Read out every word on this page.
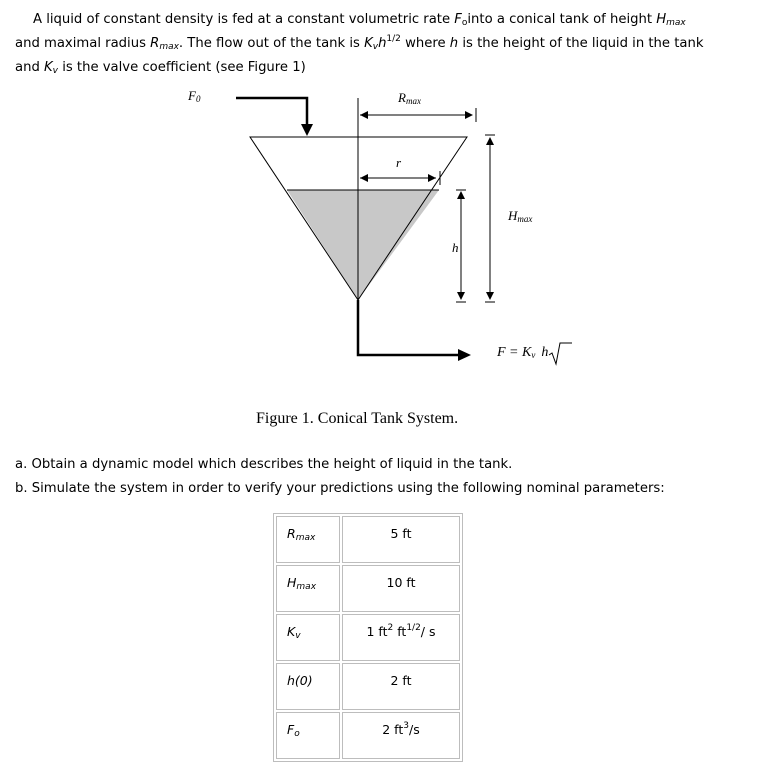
A liquid of constant density is fed at a constant volumetric rate $F_ointo$ a conical tank of height $H_{max}$
and maximal radius $R_{max}$. The flow out of the tank is $K_vh^{1/2}$ where h is the height of the liquid in the tank
and $K_v$ is the valve coefficient (see Figure 1)
$F_0$	$R_{max}$
r
$H_{max}$
h
$F = K_v$ h
Figure 1. Conical Tank System.
a. Obtain a dynamic model which describes the height of liquid in the tank.
b. Simulate the system in order to verify your predictions using the following nominal parameters:
$R_{max}$	5 ft
$H_{max}$	10 ft
$K_v$	1 $ft^2$ $ft^{1/2}/$ s
h(0)	2 ft
$F_o$	2 $ft^3/s$
